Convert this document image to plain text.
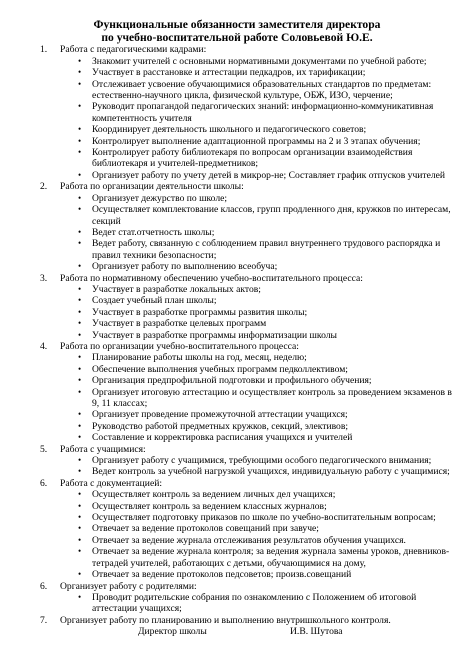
Функциональные обязанности заместителя директора
по учебно-воспитательной работе Соловьевой Ю.Е.
1.	Работа с педагогическими кадрами:
• Знакомит учителей с основными нормативными документами по учебной работе;
• Участвует в расстановке и аттестации педкадров, их тарификации;
• Отслеживает усвоение обучающимися образовательных стандартов по предметам: естественно-научного цикла, физической культуре, ОБЖ, ИЗО, черчение;
• Руководит пропагандой педагогических знаний: информационно-коммуникативная компетентность учителя
• Координирует деятельность школьного и педагогического советов;
• Контролирует выполнение адаптационной программы на 2 и 3 этапах обучения;
• Контролирует работу библиотекаря по вопросам организации взаимодействия библиотекаря и учителей-предметников;
• Организует работу по учету детей в микрор-не; Составляет график отпусков учителей
2.	Работа по организации деятельности школы:
• Организует дежурство по школе;
• Осуществляет комплектование классов, групп продленного дня, кружков по интересам, секций
• Ведет стат.отчетность школы;
• Ведет работу, связанную с соблюдением правил внутреннего трудового распорядка и правил техники безопасности;
• Организует работу по выполнению всеобуча;
3.	Работа по нормативному обеспечению учебно-воспитательного процесса:
• Участвует в разработке локальных актов;
• Создает учебный план школы;
• Участвует в разработке программы развития школы;
• Участвует в разработке целевых программ
• Участвует в разработке программы информатизации школы
4.	Работа по организации учебно-воспитательного процесса:
• Планирование работы школы на год, месяц, неделю;
• Обеспечение выполнения учебных программ педколлективом;
• Организация предпрофильной подготовки и профильного обучения;
• Организует итоговую аттестацию и осуществляет контроль за проведением экзаменов в 9, 11 классах;
• Организует проведение промежуточной аттестации учащихся;
• Руководство работой предметных кружков, секций, элективов;
• Составление и корректировка расписания учащихся и учителей
5.	Работа с учащимися:
• Организует работу с учащимися, требующими особого педагогического внимания;
• Ведет контроль за учебной нагрузкой учащихся, индивидуальную работу с учащимися;
6.	Работа с документацией:
• Осуществляет контроль за ведением личных дел учащихся;
• Осуществляет контроль за ведением классных журналов;
• Осуществляет подготовку приказов по школе по учебно-воспитательным вопросам;
• Отвечает за ведение протоколов совещаний при завуче;
• Отвечает за ведение журнала отслеживания результатов обучения учащихся.
• Отвечает за ведение журнала контроля; за ведения журнала замены уроков, дневников-тетрадей учителей, работающих с детьми, обучающимися на дому,
• Отвечает за ведение протоколов педсоветов; произв.совещаний
6.	Организует работу с родителями:
• Проводит родительские собрания по ознакомлению с Положением об итоговой аттестации учащихся;
7.	Организует работу по планированию и выполнению внутришкольного контроля.
Директор школы	И.В. Шутова
